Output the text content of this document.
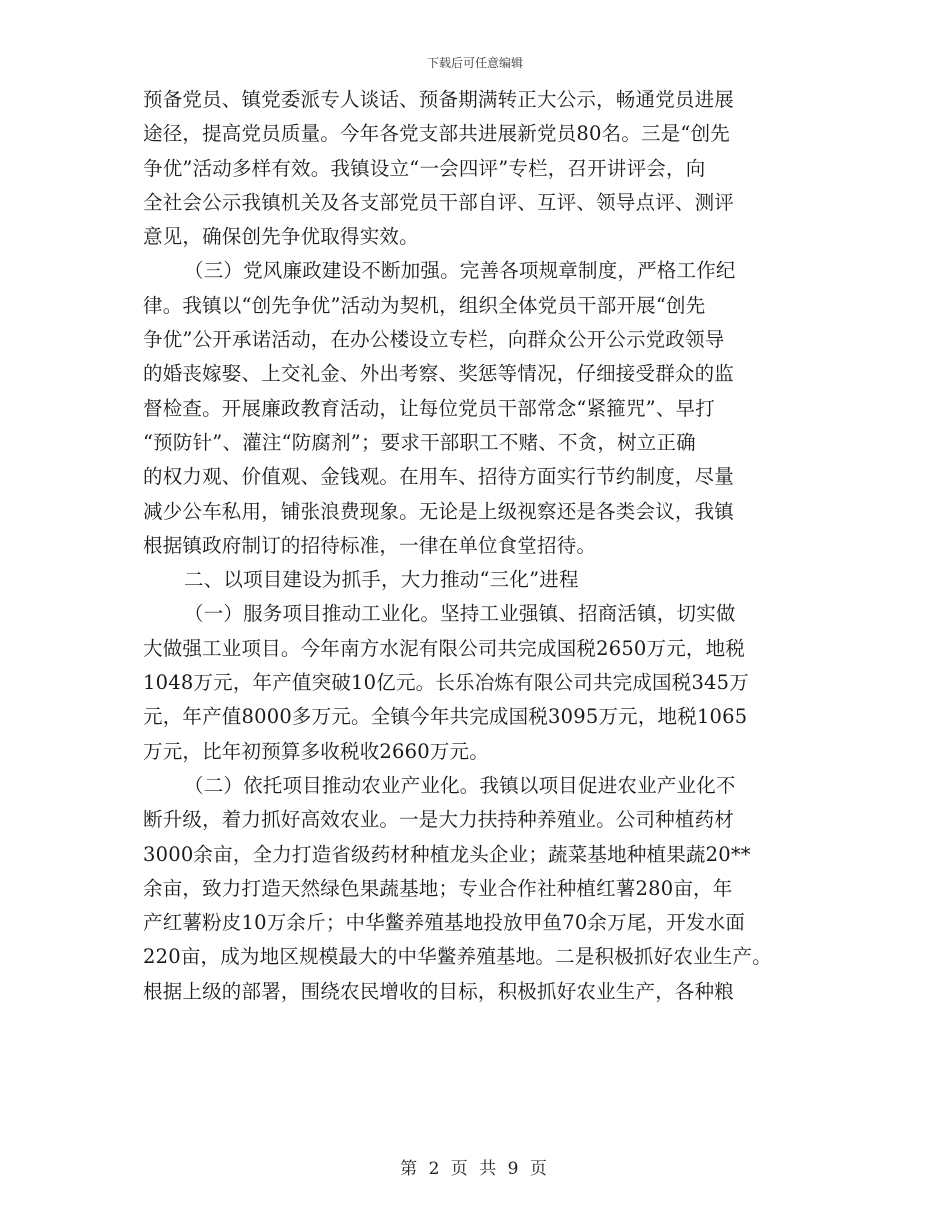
下载后可任意编辑
预备党员、镇党委派专人谈话、预备期满转正大公示，畅通党员进展
途径，提高党员质量。今年各党支部共进展新党员80名。三是“创先
争优”活动多样有效。我镇设立“一会四评”专栏，召开讲评会，向
全社会公示我镇机关及各支部党员干部自评、互评、领导点评、测评
意见，确保创先争优取得实效。
（三）党风廉政建设不断加强。完善各项规章制度，严格工作纪
律。我镇以“创先争优”活动为契机，组织全体党员干部开展“创先
争优”公开承诺活动，在办公楼设立专栏，向群众公开公示党政领导
的婚丧嫁娶、上交礼金、外出考察、奖惩等情况，仔细接受群众的监
督检查。开展廉政教育活动，让每位党员干部常念“紧箍咒”、早打
“预防针”、灌注“防腐剂”；要求干部职工不赌、不贪，树立正确
的权力观、价值观、金钱观。在用车、招待方面实行节约制度，尽量
减少公车私用，铺张浪费现象。无论是上级视察还是各类会议，我镇
根据镇政府制订的招待标准，一律在单位食堂招待。
二、以项目建设为抓手，大力推动“三化”进程
（一）服务项目推动工业化。坚持工业强镇、招商活镇，切实做
大做强工业项目。今年南方水泥有限公司共完成国税2650万元，地税
1048万元，年产值突破10亿元。长乐冶炼有限公司共完成国税345万
元，年产值8000多万元。全镇今年共完成国税3095万元，地税1065
万元，比年初预算多收税收2660万元。
（二）依托项目推动农业产业化。我镇以项目促进农业产业化不
断升级，着力抓好高效农业。一是大力扶持种养殖业。公司种植药材
3000余亩，全力打造省级药材种植龙头企业；蔬菜基地种植果蔬20**
余亩，致力打造天然绿色果蔬基地；专业合作社种植红薯280亩，年
产红薯粉皮10万余斤；中华鳖养殖基地投放甲鱼70余万尾，开发水面
220亩，成为地区规模最大的中华鳖养殖基地。二是积极抓好农业生产。
根据上级的部署，围绕农民增收的目标，积极抓好农业生产，各种粮
第 2 页 共 9 页
